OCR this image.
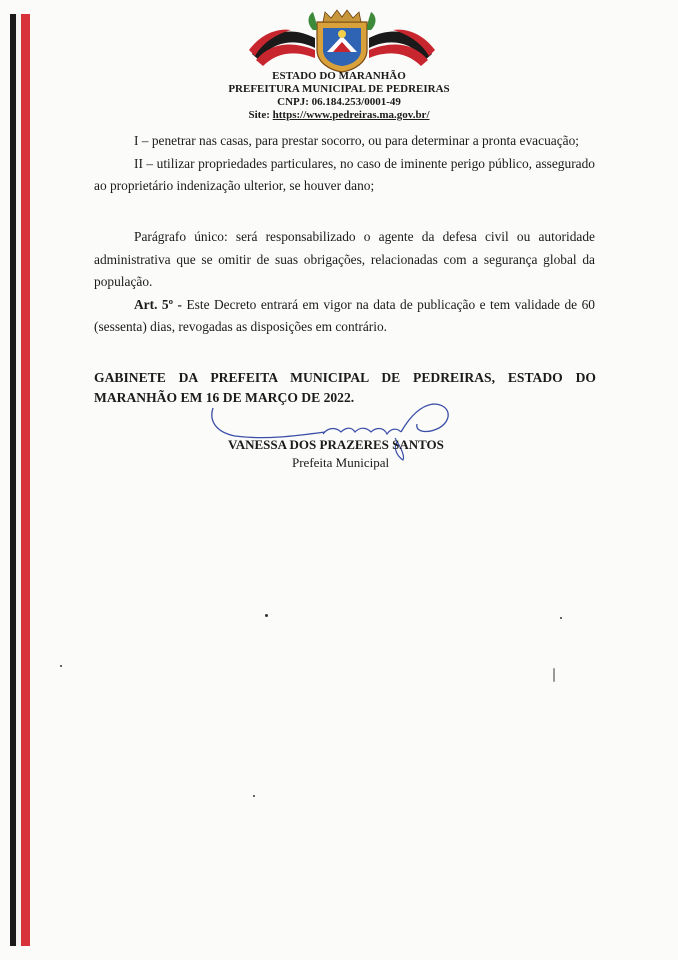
ESTADO DO MARANHÃO
PREFEITURA MUNICIPAL DE PEDREIRAS
CNPJ: 06.184.253/0001-49
Site: https://www.pedreiras.ma.gov.br/

I – penetrar nas casas, para prestar socorro, ou para determinar a pronta evacuação;

II – utilizar propriedades particulares, no caso de iminente perigo público, assegurado ao proprietário indenização ulterior, se houver dano;

Parágrafo único: será responsabilizado o agente da defesa civil ou autoridade administrativa que se omitir de suas obrigações, relacionadas com a segurança global da população.

Art. 5º - Este Decreto entrará em vigor na data de publicação e tem validade de 60 (sessenta) dias, revogadas as disposições em contrário.

GABINETE DA PREFEITA MUNICIPAL DE PEDREIRAS, ESTADO DO MARANHÃO EM 16 DE MARÇO DE 2022.
VANESSA DOS PRAZERES SANTOS
Prefeita Municipal
